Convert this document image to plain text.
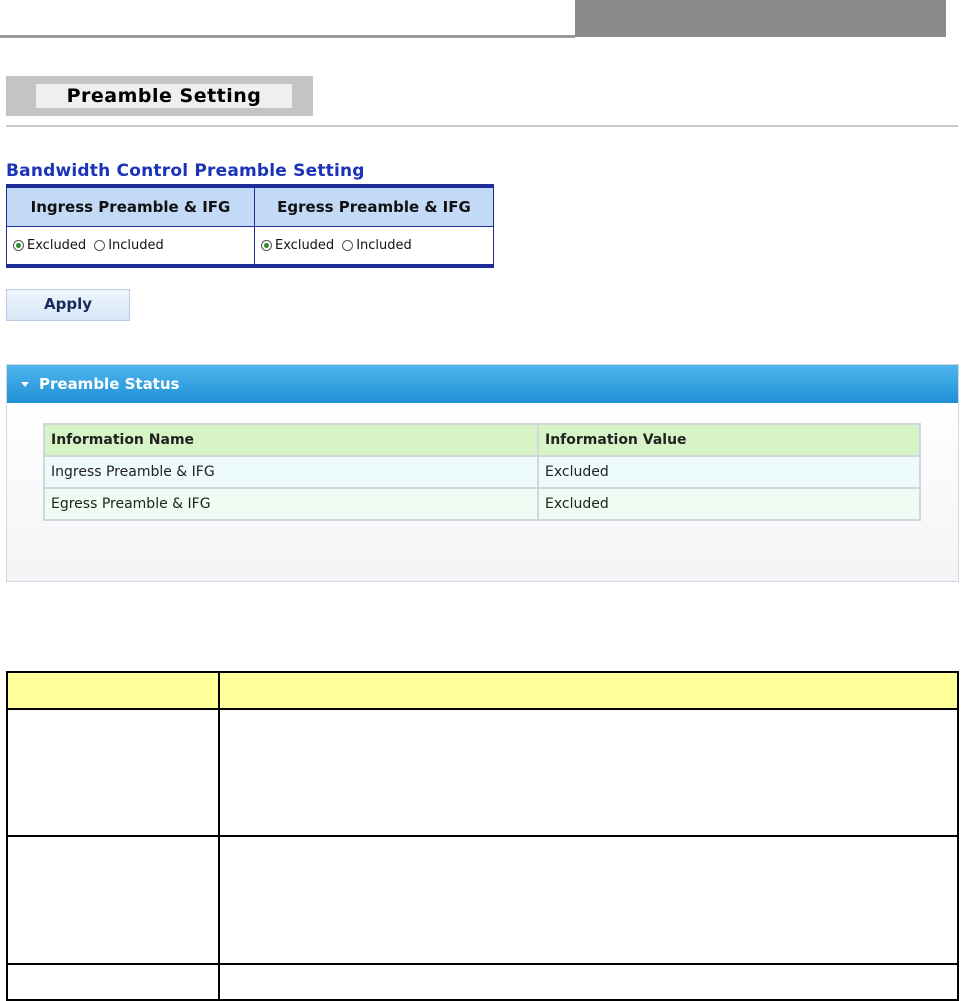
Preamble Setting
Bandwidth Control Preamble Setting
Ingress Preamble & IFG	Egress Preamble & IFG
Excluded Included	Excluded Included
Apply
Preamble Status
Information Name	Information Value
Ingress Preamble & IFG	Excluded
Egress Preamble & IFG	Excluded
